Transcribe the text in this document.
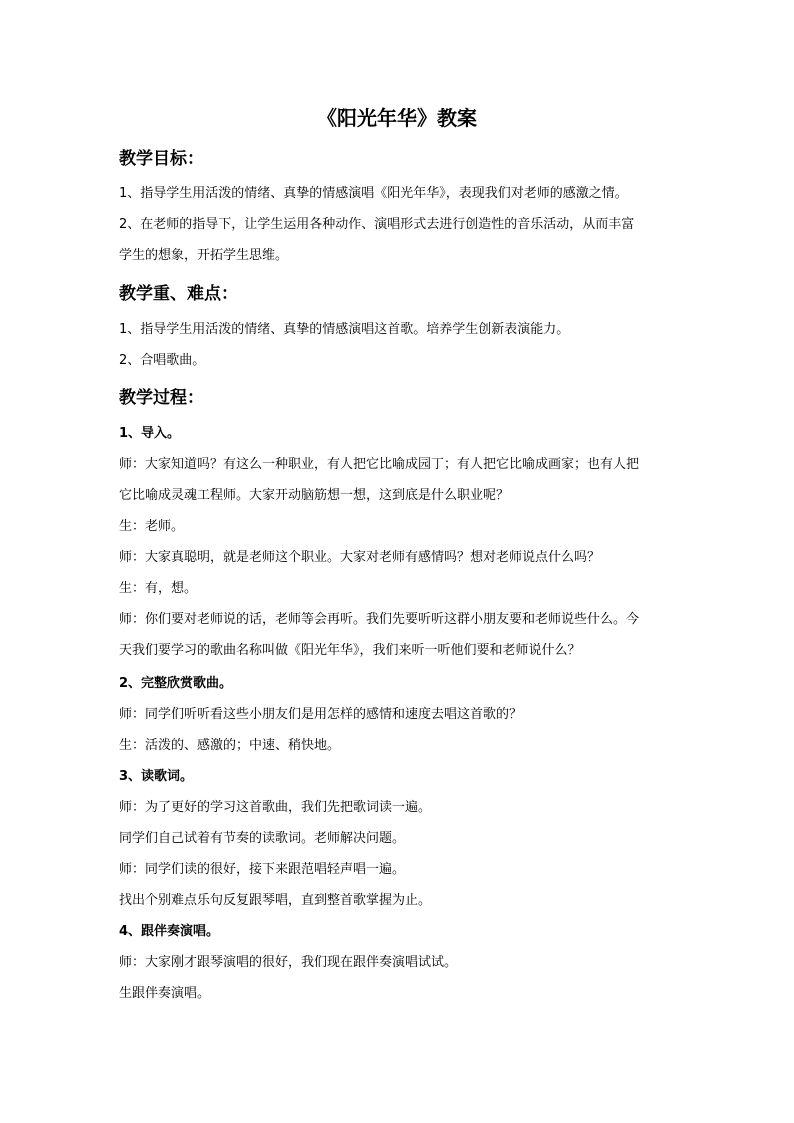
《阳光年华》教案
教学目标：
1、指导学生用活泼的情绪、真挚的情感演唱《阳光年华》，表现我们对老师的感激之情。
2、在老师的指导下，让学生运用各种动作、演唱形式去进行创造性的音乐活动，从而丰富
学生的想象，开拓学生思维。
教学重、难点：
1、指导学生用活泼的情绪、真挚的情感演唱这首歌。培养学生创新表演能力。
2、合唱歌曲。
教学过程：
1、导入。
师：大家知道吗？有这么一种职业，有人把它比喻成园丁；有人把它比喻成画家；也有人把
它比喻成灵魂工程师。大家开动脑筋想一想，这到底是什么职业呢？
生：老师。
师：大家真聪明，就是老师这个职业。大家对老师有感情吗？想对老师说点什么吗？
生：有，想。
师：你们要对老师说的话，老师等会再听。我们先要听听这群小朋友要和老师说些什么。今
天我们要学习的歌曲名称叫做《阳光年华》，我们来听一听他们要和老师说什么？
2、完整欣赏歌曲。
师：同学们听听看这些小朋友们是用怎样的感情和速度去唱这首歌的？
生：活泼的、感激的；中速、稍快地。
3、读歌词。
师：为了更好的学习这首歌曲，我们先把歌词读一遍。
同学们自己试着有节奏的读歌词。老师解决问题。
师：同学们读的很好，接下来跟范唱轻声唱一遍。
找出个别难点乐句反复跟琴唱，直到整首歌掌握为止。
4、跟伴奏演唱。
师：大家刚才跟琴演唱的很好，我们现在跟伴奏演唱试试。
生跟伴奏演唱。
